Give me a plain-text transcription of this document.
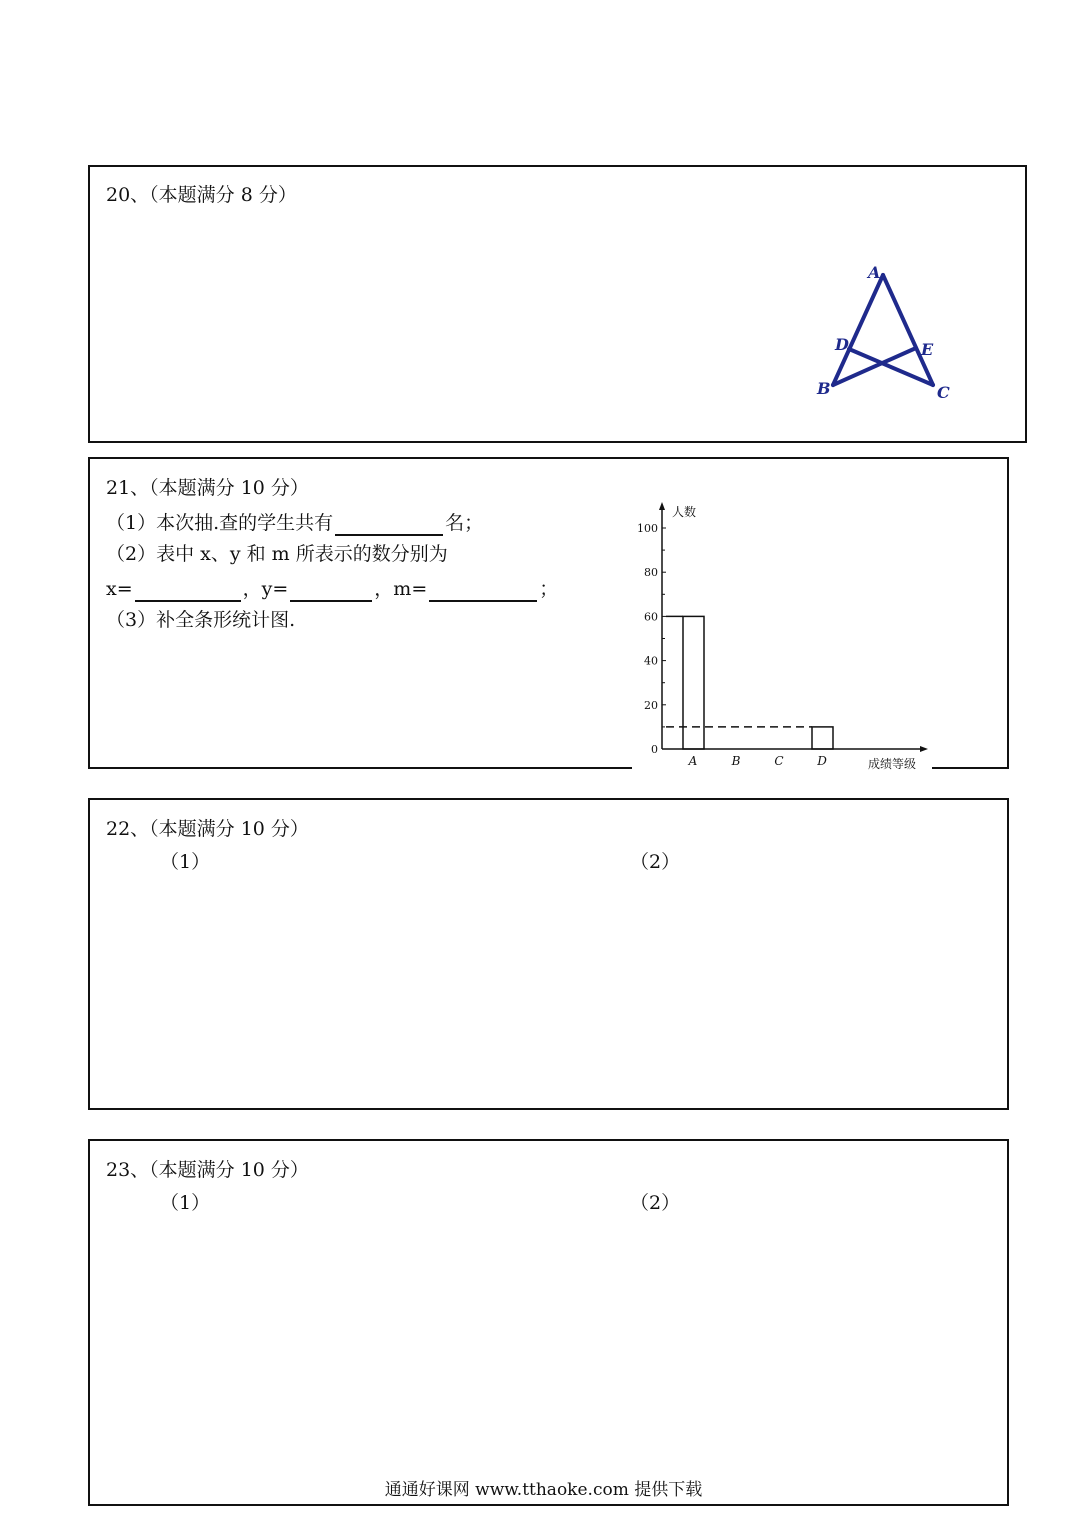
20、（本题满分 8 分）
A
D	E
B	C
21、（本题满分 10 分）
（1）本次抽.查的学生共有	名；
（2）表中 x、y 和 m 所表示的数分别为
x=	，y=	，m=	；
（3）补全条形统计图.
0
20
40
60
80
100
人数
成绩等级
A	B	C	D
22、（本题满分 10 分）
（1）	（2）
23、（本题满分 10 分）
（1）	（2）
通通好课网 www.tthaoke.com 提供下载
